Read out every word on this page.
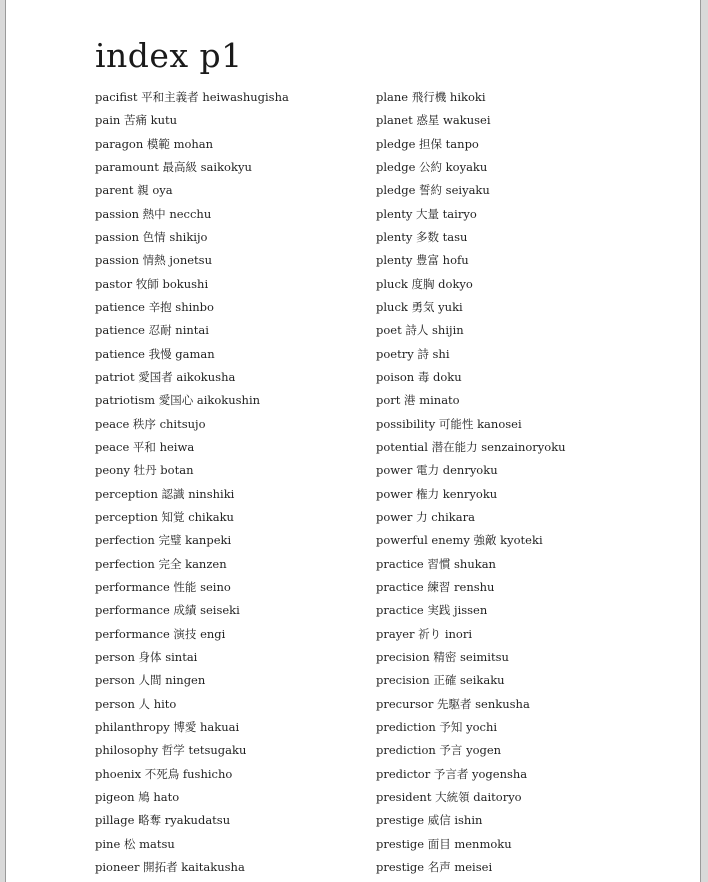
index p1
pacifist 平和主義者 heiwashugisha
pain 苦痛 kutu
paragon 模範 mohan
paramount 最高級 saikokyu
parent 親 oya
passion 熱中 necchu
passion 色情 shikijo
passion 情熱 jonetsu
pastor 牧師 bokushi
patience 辛抱 shinbo
patience 忍耐 nintai
patience 我慢 gaman
patriot 愛国者 aikokusha
patriotism 愛国心 aikokushin
peace 秩序 chitsujo
peace 平和 heiwa
peony 牡丹 botan
perception 認識 ninshiki
perception 知覚 chikaku
perfection 完璧 kanpeki
perfection 完全 kanzen
performance 性能 seino
performance 成績 seiseki
performance 演技 engi
person 身体 sintai
person 人間 ningen
person 人 hito
philanthropy 博愛 hakuai
philosophy 哲学 tetsugaku
phoenix 不死鳥 fushicho
pigeon 鳩 hato
pillage 略奪 ryakudatsu
pine 松 matsu
pioneer 開拓者 kaitakusha
plane 飛行機 hikoki
planet 惑星 wakusei
pledge 担保 tanpo
pledge 公約 koyaku
pledge 誓約 seiyaku
plenty 大量 tairyo
plenty 多数 tasu
plenty 豊富 hofu
pluck 度胸 dokyo
pluck 勇気 yuki
poet 詩人 shijin
poetry 詩 shi
poison 毒 doku
port 港 minato
possibility 可能性 kanosei
potential 潜在能力 senzainoryoku
power 電力 denryoku
power 権力 kenryoku
power 力 chikara
powerful enemy 強敵 kyoteki
practice 習慣 shukan
practice 練習 renshu
practice 実践 jissen
prayer 祈り inori
precision 精密 seimitsu
precision 正確 seikaku
precursor 先駆者 senkusha
prediction 予知 yochi
prediction 予言 yogen
predictor 予言者 yogensha
president 大統領 daitoryo
prestige 威信 ishin
prestige 面目 menmoku
prestige 名声 meisei
